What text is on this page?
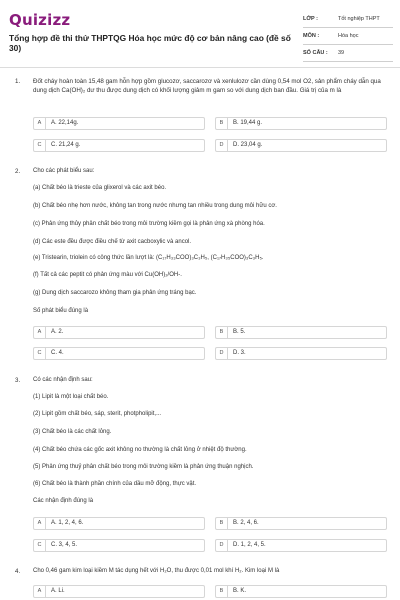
Quizizz
Tổng hợp đề thi thử THPTQG Hóa học mức độ cơ bản nâng cao (đề số 30)
LỚP :	Tốt nghiệp THPT
MÔN :	Hóa học
SỐ CÂU : 39
1. Đốt cháy hoàn toàn 15,48 gam hỗn hợp gồm glucozơ, saccarozơ và xenlulozơ cần dùng 0,54 mol O2, sản phẩm cháy dẫn qua dung dịch Ca(OH)₂ dư thu được dung dịch có khối lượng giảm m gam so với dung dịch ban đầu. Giá trị của m là
A	A. 22,14g.	B	B. 19,44 g.
C	C. 21,24 g.	D	D. 23,04 g.
2. Cho các phát biểu sau:
(a) Chất béo là trieste của glixerol và các axit béo.
(b) Chất béo nhẹ hơn nước, không tan trong nước nhưng tan nhiều trong dung môi hữu cơ.
(c) Phản ứng thủy phân chất béo trong môi trường kiềm gọi là phản ứng xà phòng hóa.
(d) Các este đều được điều chế từ axit cacboxylic và ancol.
(e) Tristearin, triolein có công thức lần lượt là: (C₁₇H₃₃COO)₃C₃H₅, (C₁₇H₃₅COO)₃C₃H₅.
(f) Tất cả các peptit có phản ứng màu với Cu(OH)₂/OH-.
(g) Dung dịch saccarozo không tham gia phản ứng tráng bạc.
Số phát biểu đúng là
A	A. 2.	B	B. 5.
C	C. 4.	D	D. 3.
3. Có các nhận định sau:
(1) Lipit là một loại chất béo.
(2) Lipit gồm chất béo, sáp, sterit, photpholipit,...
(3) Chất béo là các chất lỏng.
(4) Chất béo chứa các gốc axit không no thường là chất lỏng ở nhiệt độ thường.
(5) Phản ứng thuỷ phân chất béo trong môi trường kiềm là phản ứng thuận nghịch.
(6) Chất béo là thành phần chính của dầu mỡ động, thực vật.
Các nhận định đúng là
A	A. 1, 2, 4, 6.	B	B. 2, 4, 6.
C	C. 3, 4, 5.	D	D. 1, 2, 4, 5.
4. Cho 0,46 gam kim loại kiềm M tác dụng hết với H₂O, thu được 0,01 mol khí H₂. Kim loại M là
A	A. Li.	B	B. K.
